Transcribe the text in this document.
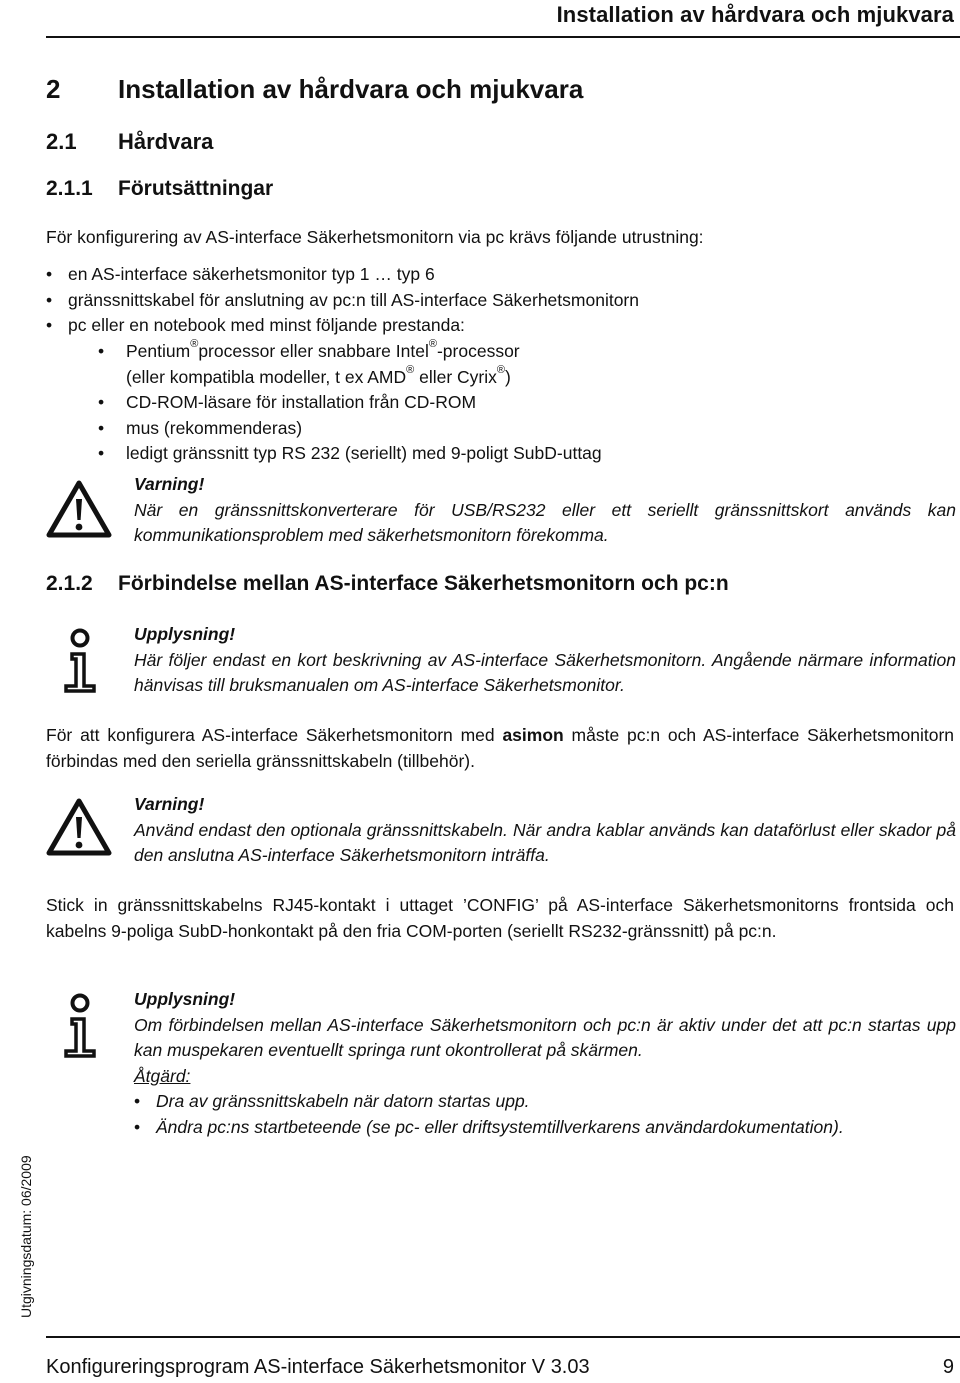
Installation av hårdvara och mjukvara
2 Installation av hårdvara och mjukvara
2.1 Hårdvara
2.1.1 Förutsättningar
För konfigurering av AS-interface Säkerhetsmonitorn via pc krävs följande utrustning:
• en AS-interface säkerhetsmonitor typ 1 … typ 6
• gränssnittskabel för anslutning av pc:n till AS-interface Säkerhetsmonitorn
• pc eller en notebook med minst följande prestanda:
• Pentium®processor eller snabbare Intel®-processor
(eller kompatibla modeller, t ex AMD® eller Cyrix®)
• CD-ROM-läsare för installation från CD-ROM
• mus (rekommenderas)
• ledigt gränssnitt typ RS 232 (seriellt) med 9-poligt SubD-uttag
Varning!
När en gränssnittskonverterare för USB/RS232 eller ett seriellt gränssnittskort används kan kommunikationsproblem med säkerhetsmonitorn förekomma.
2.1.2 Förbindelse mellan AS-interface Säkerhetsmonitorn och pc:n
Upplysning!
Här följer endast en kort beskrivning av AS-interface Säkerhetsmonitorn. Angående närmare information hänvisas till bruksmanualen om AS-interface Säkerhetsmonitor.
För att konfigurera AS-interface Säkerhetsmonitorn med asimon måste pc:n och AS-interface Säkerhetsmonitorn förbindas med den seriella gränssnittskabeln (tillbehör).
Varning!
Använd endast den optionala gränssnittskabeln. När andra kablar används kan dataförlust eller skador på den anslutna AS-interface Säkerhetsmonitorn inträffa.
Stick in gränssnittskabelns RJ45-kontakt i uttaget ’CONFIG’ på AS-interface Säkerhetsmonitorns frontsida och kabelns 9-poliga SubD-honkontakt på den fria COM-porten (seriellt RS232-gränssnitt) på pc:n.
Upplysning!
Om förbindelsen mellan AS-interface Säkerhetsmonitorn och pc:n är aktiv under det att pc:n startas upp kan muspekaren eventuellt springa runt okontrollerat på skärmen.
Åtgärd:
• Dra av gränssnittskabeln när datorn startas upp.
• Ändra pc:ns startbeteende (se pc- eller driftsystemtillverkarens användardokumentation).
Utgivningsdatum: 06/2009
Konfigureringsprogram AS-interface Säkerhetsmonitor V 3.03	9
